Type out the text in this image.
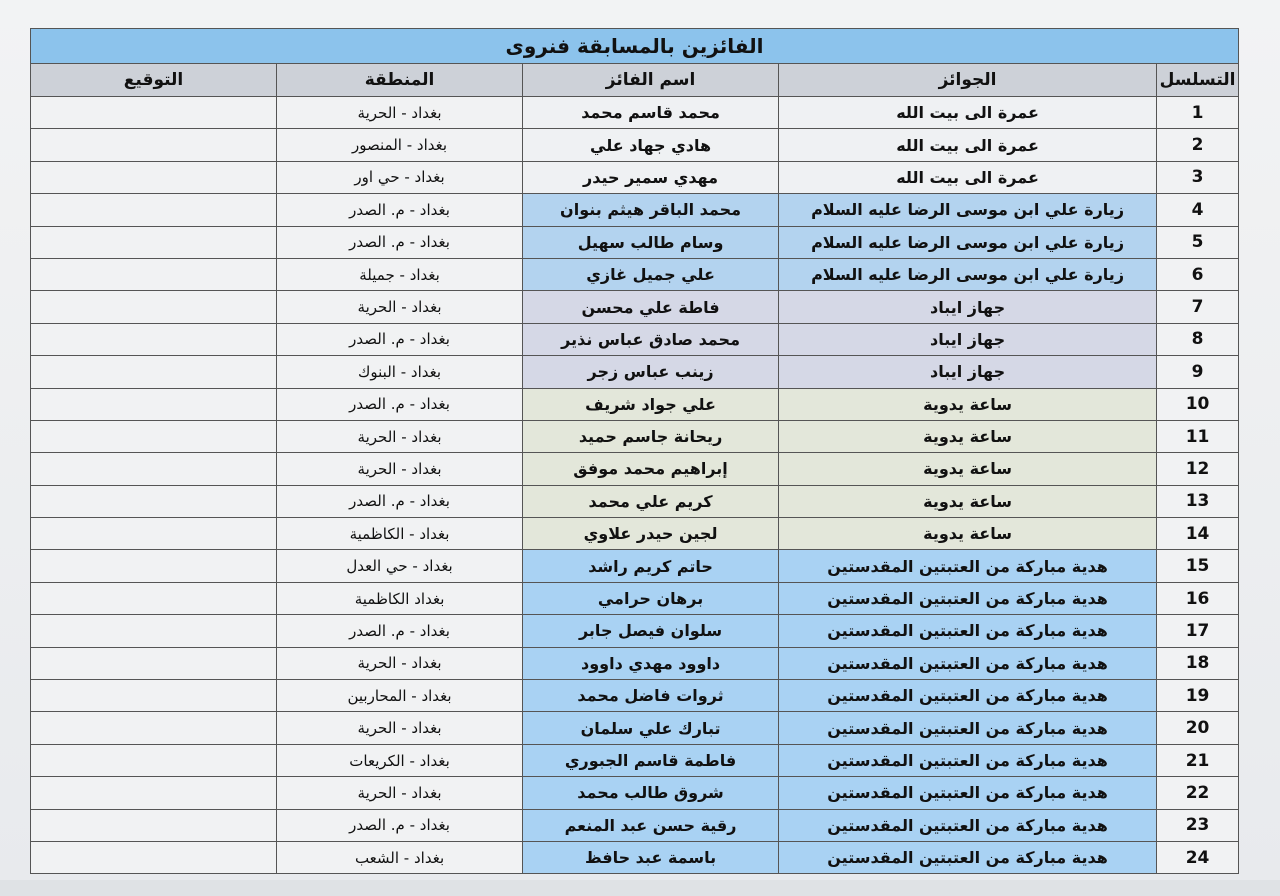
الفائزين بالمسابقة فنروى				
التسلسل	الجوائز	اسم الفائز	المنطقة	التوقيع
1	عمرة الى بيت الله	محمد قاسم محمد	بغداد - الحرية	
2	عمرة الى بيت الله	هادي جهاد علي	بغداد - المنصور	
3	عمرة الى بيت الله	مهدي سمير حيدر	بغداد - حي اور	
4	زيارة علي ابن موسى الرضا عليه السلام	محمد الباقر هيثم بنوان	بغداد - م. الصدر	
5	زيارة علي ابن موسى الرضا عليه السلام	وسام طالب سهيل	بغداد - م. الصدر	
6	زيارة علي ابن موسى الرضا عليه السلام	علي جميل غازي	بغداد - جميلة	
7	جهاز ايباد	فاطة علي محسن	بغداد - الحرية	
8	جهاز ايباد	محمد صادق عباس نذير	بغداد - م. الصدر	
9	جهاز ايباد	زينب عباس زجر	بغداد - البنوك	
10	ساعة يدوية	علي جواد شريف	بغداد - م. الصدر	
11	ساعة يدوية	ريحانة جاسم حميد	بغداد - الحرية	
12	ساعة يدوية	إبراهيم محمد موفق	بغداد - الحرية	
13	ساعة يدوية	كريم علي محمد	بغداد - م. الصدر	
14	ساعة يدوية	لجين حيدر علاوي	بغداد - الكاظمية	
15	هدية مباركة من العتبتين المقدستين	حاتم كريم راشد	بغداد - حي العدل	
16	هدية مباركة من العتبتين المقدستين	برهان حرامي	بغداد الكاظمية	
17	هدية مباركة من العتبتين المقدستين	سلوان فيصل جابر	بغداد - م. الصدر	
18	هدية مباركة من العتبتين المقدستين	داوود مهدي داوود	بغداد - الحرية	
19	هدية مباركة من العتبتين المقدستين	ثروات فاضل محمد	بغداد - المحاربين	
20	هدية مباركة من العتبتين المقدستين	تبارك علي سلمان	بغداد - الحرية	
21	هدية مباركة من العتبتين المقدستين	فاطمة قاسم الجبوري	بغداد - الكريعات	
22	هدية مباركة من العتبتين المقدستين	شروق طالب محمد	بغداد - الحرية	
23	هدية مباركة من العتبتين المقدستين	رقية حسن عبد المنعم	بغداد - م. الصدر	
24	هدية مباركة من العتبتين المقدستين	باسمة عبد حافظ	بغداد - الشعب	
